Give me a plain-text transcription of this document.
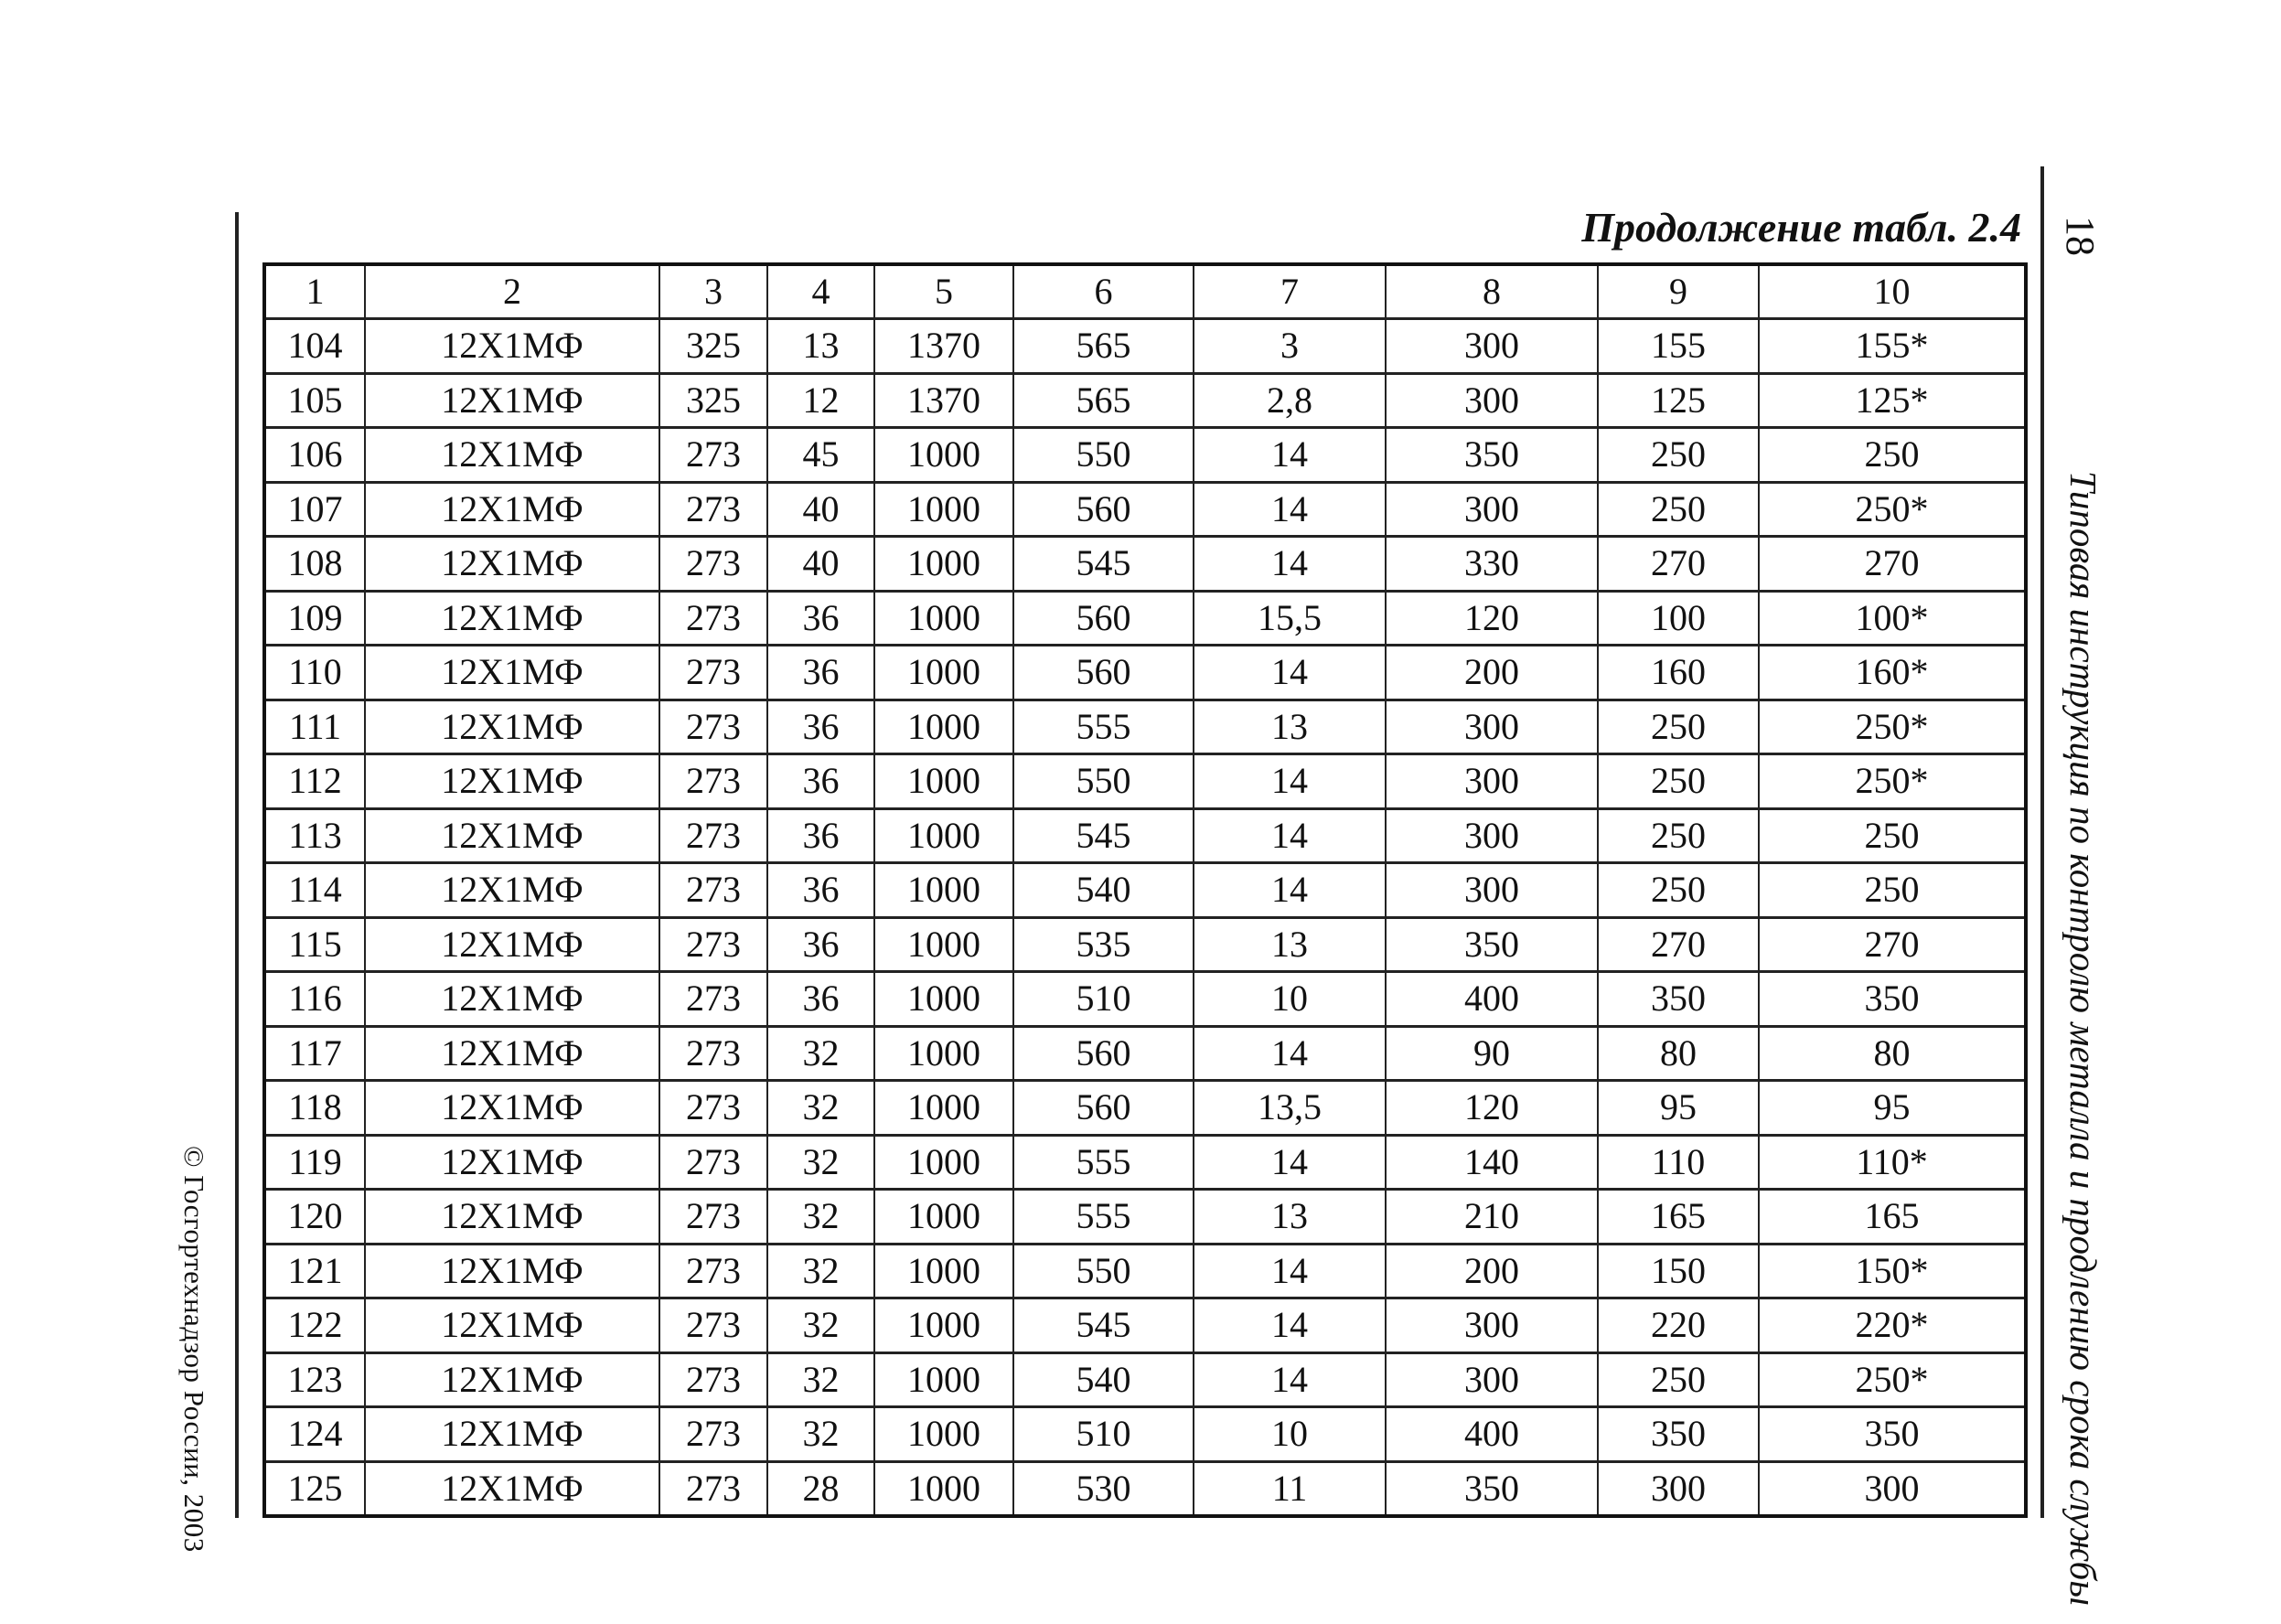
© Госгортехнадзор России, 2003
18
Типовая инструкция по контролю металла и продлению срока службы
Продолжение табл. 2.4
1	2	3	4	5	6	7	8	9	10
104	12Х1МФ	325	13	1370	565	3	300	155	155*
105	12Х1МФ	325	12	1370	565	2,8	300	125	125*
106	12Х1МФ	273	45	1000	550	14	350	250	250
107	12Х1МФ	273	40	1000	560	14	300	250	250*
108	12Х1МФ	273	40	1000	545	14	330	270	270
109	12Х1МФ	273	36	1000	560	15,5	120	100	100*
110	12Х1МФ	273	36	1000	560	14	200	160	160*
111	12Х1МФ	273	36	1000	555	13	300	250	250*
112	12Х1МФ	273	36	1000	550	14	300	250	250*
113	12Х1МФ	273	36	1000	545	14	300	250	250
114	12Х1МФ	273	36	1000	540	14	300	250	250
115	12Х1МФ	273	36	1000	535	13	350	270	270
116	12Х1МФ	273	36	1000	510	10	400	350	350
117	12Х1МФ	273	32	1000	560	14	90	80	80
118	12Х1МФ	273	32	1000	560	13,5	120	95	95
119	12Х1МФ	273	32	1000	555	14	140	110	110*
120	12Х1МФ	273	32	1000	555	13	210	165	165
121	12Х1МФ	273	32	1000	550	14	200	150	150*
122	12Х1МФ	273	32	1000	545	14	300	220	220*
123	12Х1МФ	273	32	1000	540	14	300	250	250*
124	12Х1МФ	273	32	1000	510	10	400	350	350
125	12Х1МФ	273	28	1000	530	11	350	300	300
